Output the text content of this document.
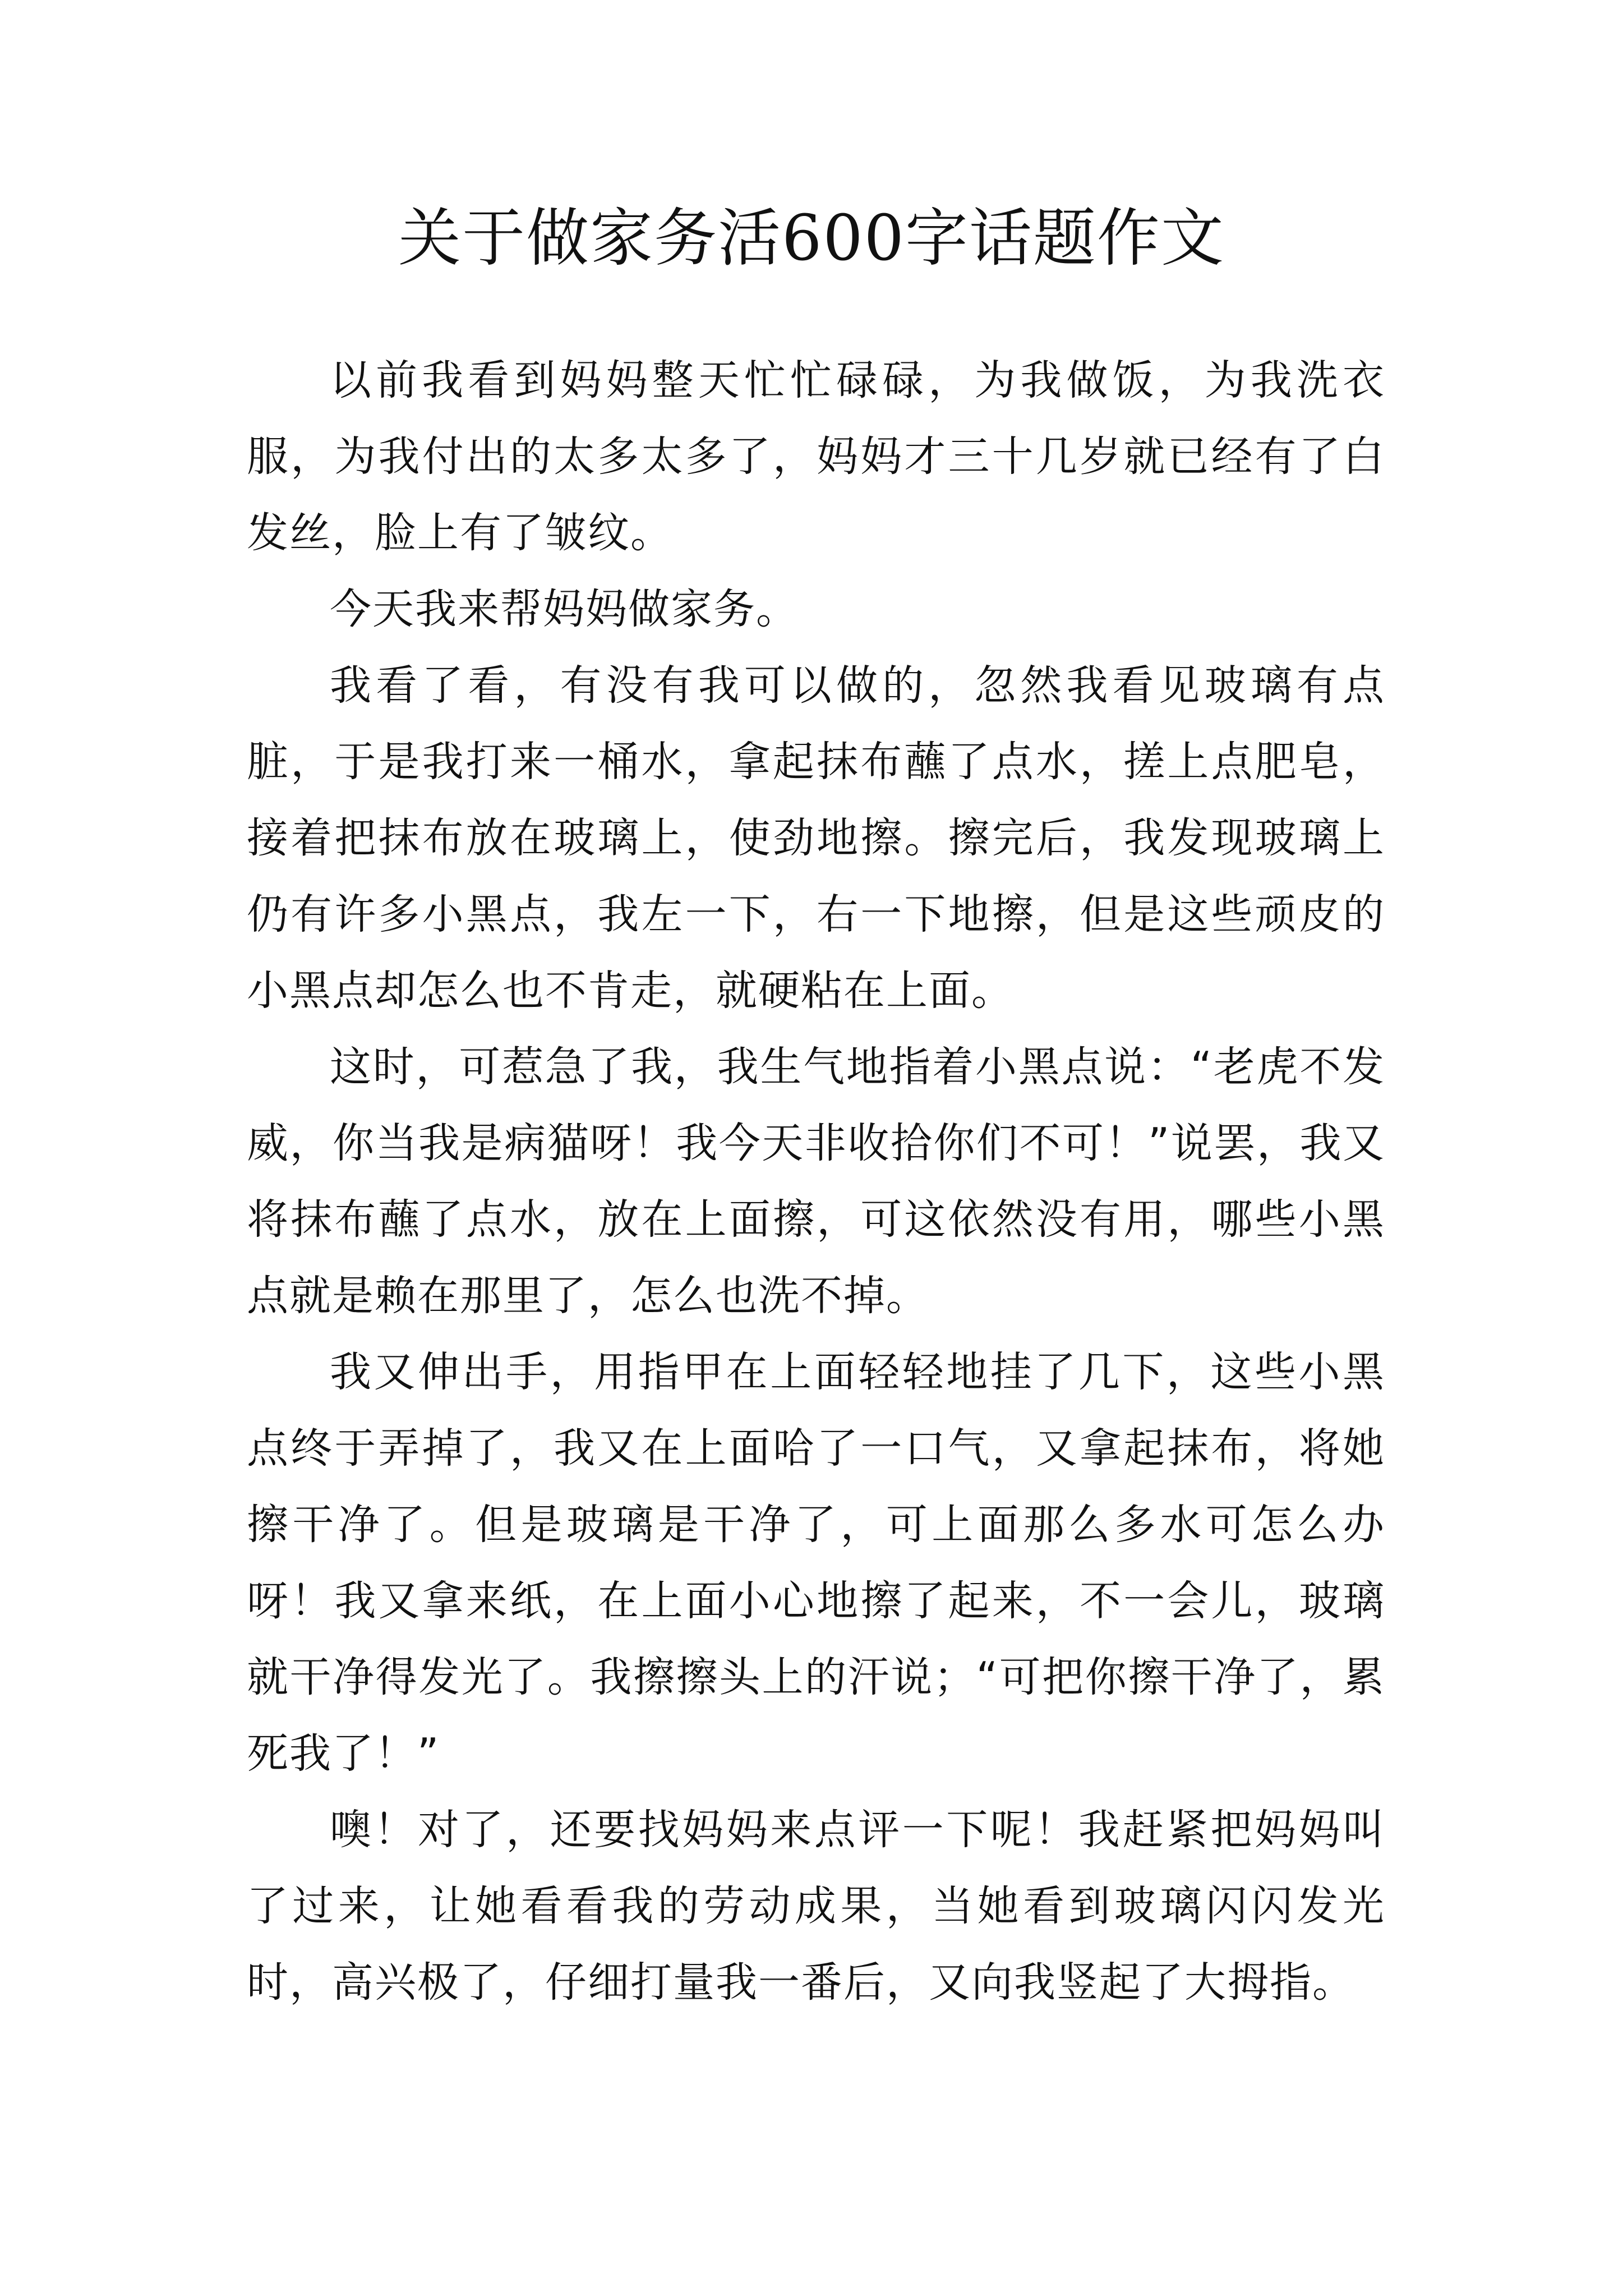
关于做家务活600字话题作文

以前我看到妈妈整天忙忙碌碌，为我做饭，为我洗衣服，为我付出的太多太多了，妈妈才三十几岁就已经有了白发丝，脸上有了皱纹。

今天我来帮妈妈做家务。

我看了看，有没有我可以做的，忽然我看见玻璃有点脏，于是我打来一桶水，拿起抹布蘸了点水，搓上点肥皂，接着把抹布放在玻璃上，使劲地擦。擦完后，我发现玻璃上仍有许多小黑点，我左一下，右一下地擦，但是这些顽皮的小黑点却怎么也不肯走，就硬粘在上面。

这时，可惹急了我，我生气地指着小黑点说：“老虎不发威，你当我是病猫呀！我今天非收拾你们不可！”说罢，我又将抹布蘸了点水，放在上面擦，可这依然没有用，哪些小黑点就是赖在那里了，怎么也洗不掉。

我又伸出手，用指甲在上面轻轻地挂了几下，这些小黑点终于弄掉了，我又在上面哈了一口气，又拿起抹布，将她擦干净了。但是玻璃是干净了，可上面那么多水可怎么办呀！我又拿来纸，在上面小心地擦了起来，不一会儿，玻璃就干净得发光了。我擦擦头上的汗说；“可把你擦干净了，累死我了！”

噢！对了，还要找妈妈来点评一下呢！我赶紧把妈妈叫了过来，让她看看我的劳动成果，当她看到玻璃闪闪发光时，高兴极了，仔细打量我一番后，又向我竖起了大拇指。
